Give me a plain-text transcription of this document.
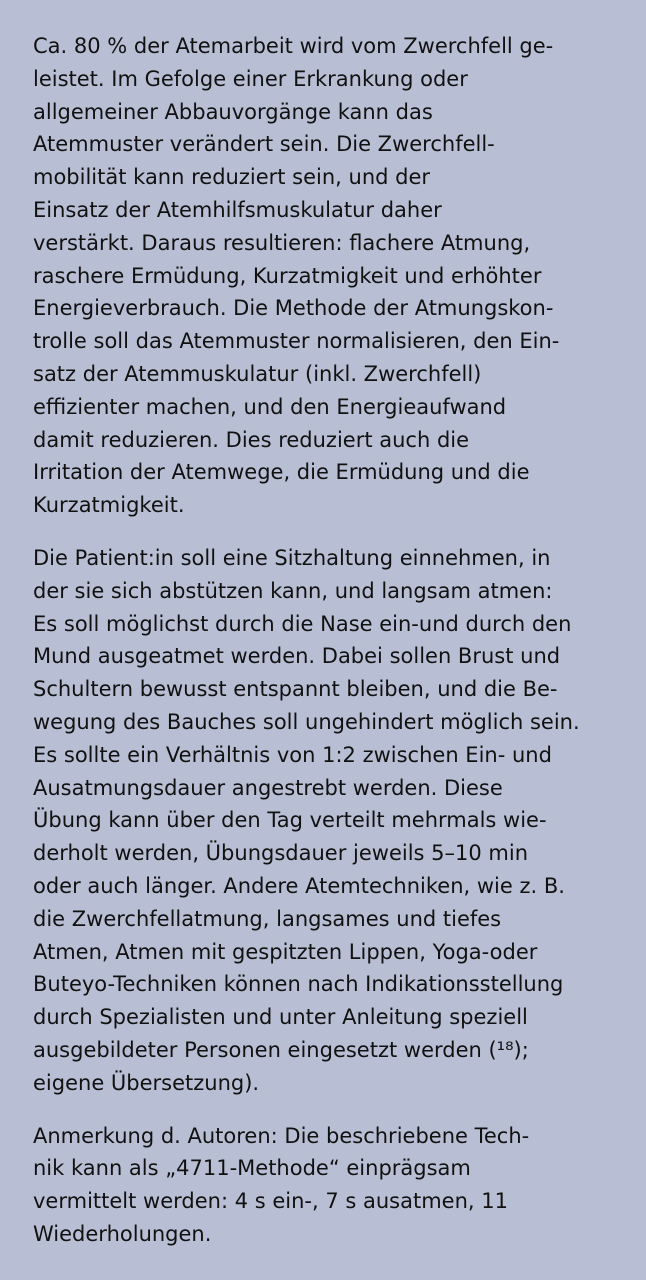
Ca. 80 % der Atemarbeit wird vom Zwerchfell ge-
leistet. Im Gefolge einer Erkrankung oder
allgemeiner Abbauvorgänge kann das
Atemmuster verändert sein. Die Zwerchfell-
mobilität kann reduziert sein, und der
Einsatz der Atemhilfsmuskulatur daher
verstärkt. Daraus resultieren: flachere Atmung,
raschere Ermüdung, Kurzatmigkeit und erhöhter
Energieverbrauch. Die Methode der Atmungskon-
trolle soll das Atemmuster normalisieren, den Ein-
satz der Atemmuskulatur (inkl. Zwerchfell)
effizienter machen, und den Energieaufwand
damit reduzieren. Dies reduziert auch die
Irritation der Atemwege, die Ermüdung und die
Kurzatmigkeit.
Die Patient:in soll eine Sitzhaltung einnehmen, in
der sie sich abstützen kann, und langsam atmen:
Es soll möglichst durch die Nase ein-und durch den
Mund ausgeatmet werden. Dabei sollen Brust und
Schultern bewusst entspannt bleiben, und die Be-
wegung des Bauches soll ungehindert möglich sein.
Es sollte ein Verhältnis von 1:2 zwischen Ein- und
Ausatmungsdauer angestrebt werden. Diese
Übung kann über den Tag verteilt mehrmals wie-
derholt werden, Übungsdauer jeweils 5–10 min
oder auch länger. Andere Atemtechniken, wie z. B.
die Zwerchfellatmung, langsames und tiefes
Atmen, Atmen mit gespitzten Lippen, Yoga-oder
Buteyo-Techniken können nach Indikationsstellung
durch Spezialisten und unter Anleitung speziell
ausgebildeter Personen eingesetzt werden (¹⁸);
eigene Übersetzung).
Anmerkung d. Autoren: Die beschriebene Tech-
nik kann als „4711-Methode“ einprägsam
vermittelt werden: 4 s ein-, 7 s ausatmen, 11
Wiederholungen.
